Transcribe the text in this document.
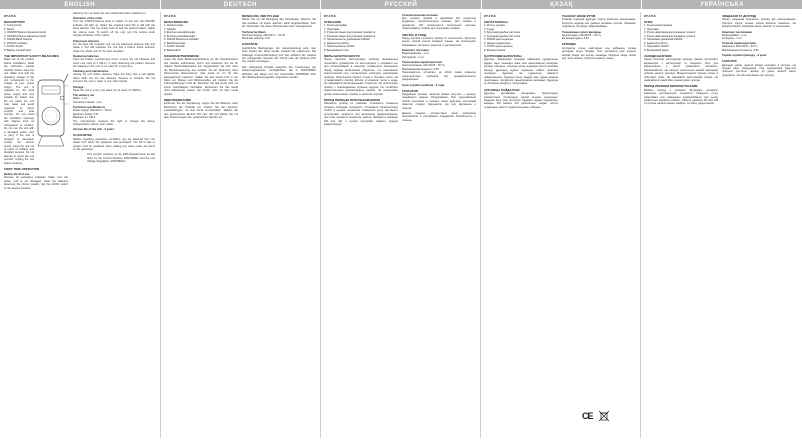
ENGLISH	DEUTSCH	РУССКИЙ	ҚАЗАҚ	УКРАЇНСЬКА
KT-1713
DESCRIPTION
1. Tuning Knob
2. Stand
3. ON/OFF/Volume Adjustment knob
4. ON/OFF/Volume Adjustment knob
5. FM/AM Band Selector
6. ON/OFF Indicator
7. AC/DC Switch
8. Battery compartment
THE IMPORTANT SAFETY MEASURES
Make use of the product before installation. Read the instruction manual carefully before using the unit. Make sure that the operating voltage of the unit corresponds to the voltage of your power supply. The unit is supplied by the local power supply and only suitable for indoor use. Do not place the unit near water and avoid exposure to direct sunlight and heat sources. Do not cover the ventilation openings with objects such as newspapers or curtains. Do not use the unit with a damaged power cord or plug. If the unit is dropped or damaged, contact the service centre. Keep the unit out of reach of children and disabled persons. Do not attempt to repair the unit yourself. Unplug the unit before cleaning.
FIRST TIME OPERATION
Before the first use
Remove all packaging materials. Make sure the power cord is not damaged. Insert the batteries observing the correct polarity. Set the AC/DC switch to the desired position.
Warning! Do not leave the unit unattended when switched on.
Operation of the radio
Turn the ON/OFF/Volume knob to switch on the unit; the ON/OFF indicator will light up. Select the required band FM or AM with the band selector. Use the tuning knob to find the desired station. Adjust the volume level. To switch off the unit, turn the volume knob counter-clockwise until it clicks.
Telescopic antenna
For the best FM reception pull out the telescopic antenna fully and rotate it. For AM reception the unit has a built-in ferrite antenna; rotate the whole unit for the best reception.
Replacing batteries
Open the battery compartment cover, remove the old batteries and insert new ones (4 x UM-2 / C size) observing the polarity. Remove the batteries if the unit is not used for a long time.
Cleaning and maintenance
Unplug the unit before cleaning. Wipe the body with a soft slightly damp cloth. Do not use abrasive cleaners or solvents. Do not immerse the unit in water or any other liquids.
Storage
Store the unit in a dry cool place out of reach of children.
The delivery set
Radio - 1 pc.
Instruction manual - 1 pc.
Technical specifications
Power supply: 220-240 V ~ 50 Hz
Maximum power: 6 W
Batteries: 4 x UM-2
The manufacturer reserves the right to change the device characteristics without prior notice.
Service life of the unit - 3 years
GUARANTEE
Details regarding guarantee conditions can be obtained from the dealer from whom the appliance was purchased. The bill of sale or receipt must be produced when making any claim under the terms of this guarantee.
This product conforms to the EMC-Requirements as laid down by the Council Directive 2004/108/EC and the Low Voltage Regulation (2006/95/EC).
KT-1713
BESCHREIBUNG
1. Abstimmregler
2. Ständer
3. Ein/Aus-Lautstärkeregler
4. Ein/Aus-Lautstärkeregler
5. FM/AM Bereichsumschalter
6. Betriebsanzeige
7. AC/DC Schalter
8. Batteriefach
SICHERHEITSHINWEISE
Lesen Sie diese Bedienungsanleitung vor der Inbetriebnahme des Gerätes aufmerksam durch und bewahren Sie sie für spätere Nachschlagzwecke auf. Vergewissern Sie sich, dass die Betriebsspannung des Gerätes mit der Spannung Ihres Stromnetzes übereinstimmt. Das Gerät ist nur für den Hausgebrauch bestimmt. Stellen Sie das Gerät nicht in der Nähe von Wasser und Wärmequellen auf. Decken Sie die Lüftungsöffnungen nicht ab. Benutzen Sie das Gerät nicht mit einem beschädigten Netzkabel. Reparieren Sie das Gerät nicht selbständig. Lassen Sie Kinder nicht mit dem Gerät spielen.
INBETRIEBNAHME
Entfernen Sie die Verpackung. Legen Sie die Batterien unter Beachtung der Polarität ein. Drehen Sie den Ein/Aus-Lautstärkeregler, um das Gerät einzuschalten. Wählen Sie den gewünschten Bereich FM oder AM und stellen Sie mit dem Abstimmregler den gewünschten Sender ein.
REINIGUNG UND PFLEGE
Ziehen Sie vor der Reinigung den Netzstecker. Wischen Sie das Gehäuse mit einem weichen, leicht angefeuchteten Tuch ab. Verwenden Sie keine Scheuermittel oder Lösungsmittel.
Technische Daten
Stromversorgung: 220-240 V ~ 50 Hz
Maximale Leistung: 6 W
GARANTIE
Ausführliche Bedingungen der Garantieleistung kann man beim Dealer, der diese Geräte verkauft hat, bekommen. Bei beliebiger Anspruchserhebung soll man während der Laufzeit der vorliegenden Garantie den Check oder die Quittung über den Ankauf vorzulegen.
Das vorliegende Produkt entspricht den Forderungen der elektromagnetischen Verträglichkeit, die in 2004/108/EC Richtlinie des Rates und den Vorschriften 2006/95/EC über die Niederspannungsgeräte vorgesehen werden.
KT-1713
ОПИСАНИЕ
1. Ручка настройки
2. Подставка
3. Ручка вкл./выкл./регулировки громкости
4. Ручка вкл./выкл./регулировки громкости
5. Переключатель диапазонов FM/AM
6. Индикатор работы
7. Переключатель AC/DC
8. Батарейный отсек
МЕРЫ БЕЗОПАСНОСТИ
Перед началом эксплуатации прибора внимательно прочитайте руководство по эксплуатации и сохраните его для использования в качестве справочного материала. Перед первым включением убедитесь, что напряжение электрической сети соответствует рабочему напряжению прибора. Используйте прибор только в бытовых целях. Не устанавливайте прибор вблизи источников тепла и воды. Не закрывайте вентиляционные отверстия. Не используйте прибор с повреждённым сетевым шнуром. Не пытайтесь самостоятельно ремонтировать прибор. Не разрешайте детям использовать прибор в качестве игрушки.
ПЕРЕД ПЕРВЫМ ИСПОЛЬЗОВАНИЕМ
Извлеките прибор из упаковки. Установите элементы питания, соблюдая полярность. Установите переключатель AC/DC в нужное положение. Поверните ручку вкл./выкл./регулировки громкости для включения радиоприёмника, при этом загорится индикатор работы. Выберите диапазон FM или AM и ручкой настройки найдите нужную радиостанцию.
Телескопическая антенна
Для лучшего приёма в диапазоне FM полностью выдвиньте телескопическую антенну. Для приёма в диапазоне AM используется встроенная антенна, поворачивайте прибор для улучшения приёма.
ЧИСТКА И УХОД
Перед чисткой отключите прибор от электросети. Протрите корпус мягкой слегка влажной тканью. Не используйте абразивные чистящие средства и растворители.
Комплект поставки
Радиоприёмник - 1 шт.
Инструкция - 1 шт.
Технические характеристики
Электропитание: 220-240 В ~ 50 Гц
Максимальная мощность: 6 Вт
Производитель оставляет за собой право изменять характеристики приборов без предварительного уведомления.
Срок службы прибора - 3 года
ГАРАНТИЯ
Подробные условия гарантии можно получить у дилера, продавшего данное оборудование. При предъявлении любой претензии в течение срока действия настоящей гарантии следует предъявить чек или квитанцию о покупке.
Данное изделие соответствует всем требуемым европейским и российским стандартам безопасности и гигиены.
KT-1713
СИПАТТАМАСЫ
1. Реттеу тұтқасы
2. Тұғыр
3. Қосу/өшіру/дыбыс реттегіші
4. Қосу/өшіру/дыбыс реттегіші
5. FM/AM ауыстырғышы
6. Жұмыс индикаторы
7. AC/DC ауыстырғышы
8. Батарея бөлімі
ҚАУІПСІЗДІК ШАРАЛАРЫ
Құралды пайдаланар алдында пайдалану нұсқаулығын мұқият оқып шығыңыз және оны анықтамалық материал ретінде сақтаңыз. Алғашқы қосар алдында электр желісінің кернеуі құралдың жұмыс кернеуіне сәйкес келетінін тексеріңіз. Құралды тек тұрмыстық мақсатта пайдаланыңыз. Құралды жылу көздері мен судың жанына орнатпаңыз. Желдеткіш саңылауларды жаппаңыз. Құралды өз бетіңізше жөндеуге тырыспаңыз.
АЛҒАШҚЫ ПАЙДАЛАНУ
Құралды қаптамадан шығарыңыз. Қоректендіру элементтерін полярлықты сақтай отырып орнатыңыз. Радионы қосу үшін реттегішті бұраңыз, жұмыс индикаторы жанады. FM немесе AM диапазонын таңдап, реттеу тұтқасымен қажетті радиостанцияны табыңыз.
ТАЗАЛАУ ЖӘНЕ КҮТІМ
Тазалар алдында құралды электр желісінен ажыратыңыз. Корпусты жұмсақ сәл дымқыл матамен сүртіңіз. Абразивті тазалағыш заттарды пайдаланбаңыз.
Техникалық сипаттамалары
Қоректендіру: 220-240 В ~ 50 Гц
Ең жоғары қуаты: 6 Вт
КЕПІЛДІК
Кепілдіктің толық шарттарын осы жабдықты сатқан дилерден алуға болады. Осы кепілдіктің күші жүретін мерзім ішінде кез келген шағымды білдірген кезде сатып алу чегін немесе түбіртегін көрсету керек.
CE
KT-1713
ОПИС
1. Ручка налаштування
2. Підставка
3. Ручка увімк./вимк./регулювання гучності
4. Ручка увімк./вимк./регулювання гучності
5. Перемикач діапазонів FM/AM
6. Індикатор роботи
7. Перемикач AC/DC
8. Батарейний відсік
ЗАХОДИ БЕЗПЕКИ
Перед початком експлуатації приладу уважно прочитайте керівництво з експлуатації та збережіть його для використання в якості довідкового матеріалу. Переконайтеся, що напруга електричної мережі відповідає робочій напрузі приладу. Використовуйте прилад тільки в побутових цілях. Не закривайте вентиляційні отвори. Не намагайтеся самостійно ремонтувати прилад.
ПЕРЕД ПЕРШИМ ВИКОРИСТАННЯМ
Вийміть прилад з упаковки. Встановіть елементи живлення, дотримуючись полярності. Поверніть ручку увімк./вимк. для увімкнення радіоприймача, при цьому засвітиться індикатор роботи. Оберіть діапазон FM або AM та ручкою налаштування знайдіть потрібну радіостанцію.
ЧИЩЕННЯ ТА ДОГЛЯД
Перед чищенням відключіть прилад від електромережі. Протріть корпус м'якою злегка вологою тканиною. Не використовуйте абразивні миючі засоби та розчинники.
Комплект постачання
Радіоприймач - 1 шт.
Інструкція - 1 шт.
Технічні характеристики
Живлення: 220-240 В ~ 50 Гц
Максимальна потужність: 6 Вт
Термін служби приладу - 3 роки
ГАРАНТІЯ
Докладні умови гарантії можна отримати в дилера, що продав дане обладнання. При пред'явленні будь-якої претензії протягом терміну дії даної гарантії варто пред'явити чек або квитанцію про покупку.
